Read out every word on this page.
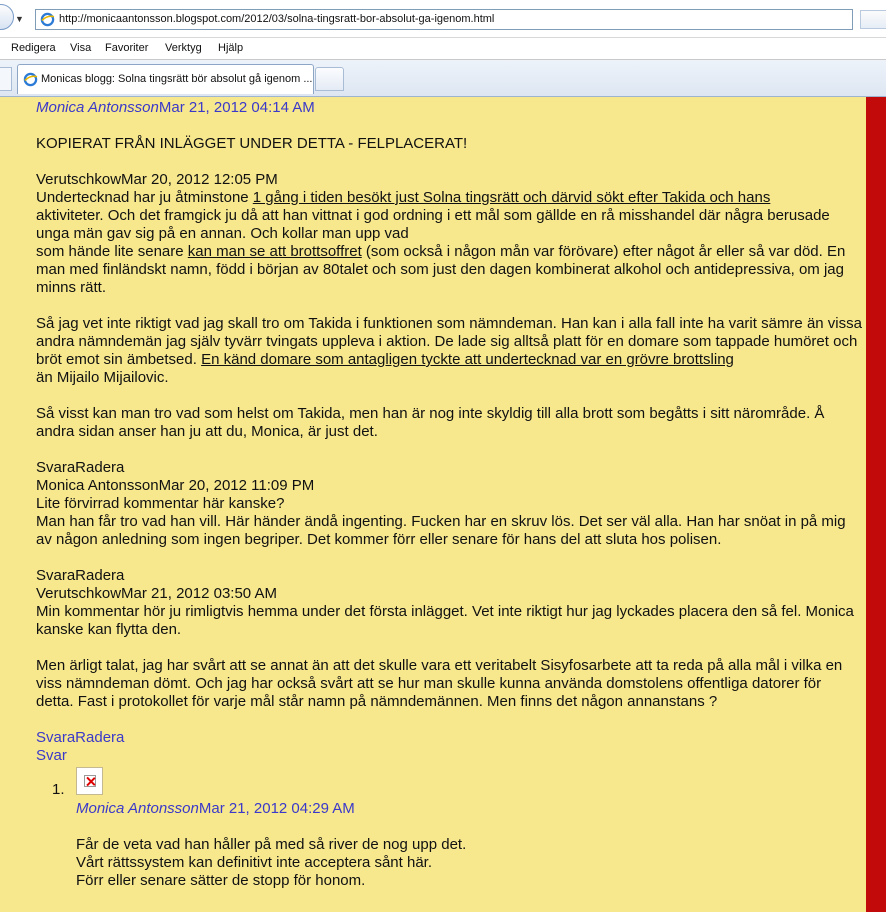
▼	http://monicaantonsson.blogspot.com/2012/03/solna-tingsratt-bor-absolut-ga-igenom.html
Redigera Visa Favoriter Verktyg Hjälp
Monicas blogg: Solna tingsrätt bör absolut gå igenom ...

Monica AntonssonMar 21, 2012 04:14 AM

KOPIERAT FRÅN INLÄGGET UNDER DETTA - FELPLACERAT!

VerutschkowMar 20, 2012 12:05 PM

Undertecknad har ju åtminstone 1 gång i tiden besökt just Solna tingsrätt och därvid sökt efter Takida och hans
aktiviteter. Och det framgick ju då att han vittnat i god ordning i ett mål som gällde en rå misshandel där några berusade unga män gav sig på en annan. Och kollar man upp vad
som hände lite senare kan man se att brottsoffret (som också i någon mån var förövare) efter något år eller så var död. En man med finländskt namn, född i början av 80talet och som just den dagen kombinerat alkohol och antidepressiva, om jag minns rätt.

Så jag vet inte riktigt vad jag skall tro om Takida i funktionen som nämndeman. Han kan i alla fall inte ha varit sämre än vissa andra nämndemän jag själv tyvärr tvingats uppleva i aktion. De lade sig alltså platt för en domare som tappade humöret och bröt emot sin ämbetsed. En känd domare som antagligen tyckte att undertecknad var en grövre brottsling
än Mijailo Mijailovic.

Så visst kan man tro vad som helst om Takida, men han är nog inte skyldig till alla brott som begåtts i sitt närområde. Å andra sidan anser han ju att du, Monica, är just det.

SvaraRadera

Monica AntonssonMar 20, 2012 11:09 PM

Lite förvirrad kommentar här kanske?

Man han får tro vad han vill. Här händer ändå ingenting. Fucken har en skruv lös. Det ser väl alla. Han har snöat in på mig av någon anledning som ingen begriper. Det kommer förr eller senare för hans del att sluta hos polisen.

SvaraRadera

VerutschkowMar 21, 2012 03:50 AM

Min kommentar hör ju rimligtvis hemma under det första inlägget. Vet inte riktigt hur jag lyckades placera den så fel. Monica kanske kan flytta den.

Men ärligt talat, jag har svårt att se annat än att det skulle vara ett veritabelt Sisyfosarbete att ta reda på alla mål i vilka en viss nämndeman dömt. Och jag har också svårt att se hur man skulle kunna använda domstolens offentliga datorer för detta. Fast i protokollet för varje mål står namn på nämndemännen. Men finns det någon annanstans ?

SvaraRadera

Svar

1.

Monica AntonssonMar 21, 2012 04:29 AM

Får de veta vad han håller på med så river de nog upp det.

Vårt rättssystem kan definitivt inte acceptera sånt här.

Förr eller senare sätter de stopp för honom.
